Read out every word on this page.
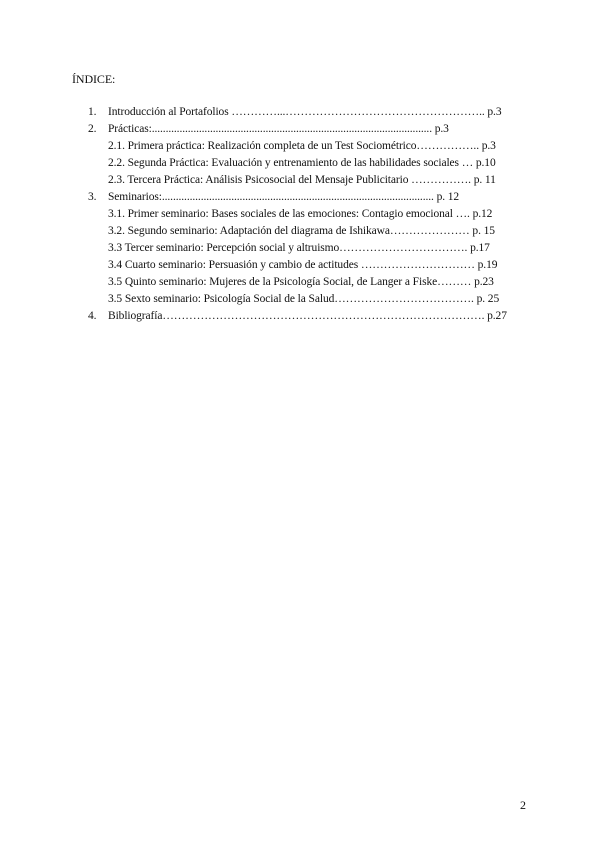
ÍNDICE:
1.	Introducción al Portafolios …………...…………………………………………….. p.3
2.	Prácticas:..................................................................................................... p.3
2.1. Primera práctica: Realización completa de un Test Sociométrico…………….. p.3
2.2. Segunda Práctica: Evaluación y entrenamiento de las habilidades sociales … p.10
2.3. Tercera Práctica: Análisis Psicosocial del Mensaje Publicitario ……………. p. 11
3.	Seminarios:.................................................................................................. p. 12
3.1. Primer seminario: Bases sociales de las emociones: Contagio emocional …. p.12
3.2. Segundo seminario: Adaptación del diagrama de Ishikawa………………… p. 15
3.3 Tercer seminario: Percepción social y altruismo……………………………. p.17
3.4 Cuarto seminario: Persuasión y cambio de actitudes ………………………… p.19
3.5 Quinto seminario: Mujeres de la Psicología Social, de Langer a Fiske……… p.23
3.5 Sexto seminario: Psicología Social de la Salud………………………………. p. 25
4.	Bibliografía…………………………………………………………………………. p.27
2
